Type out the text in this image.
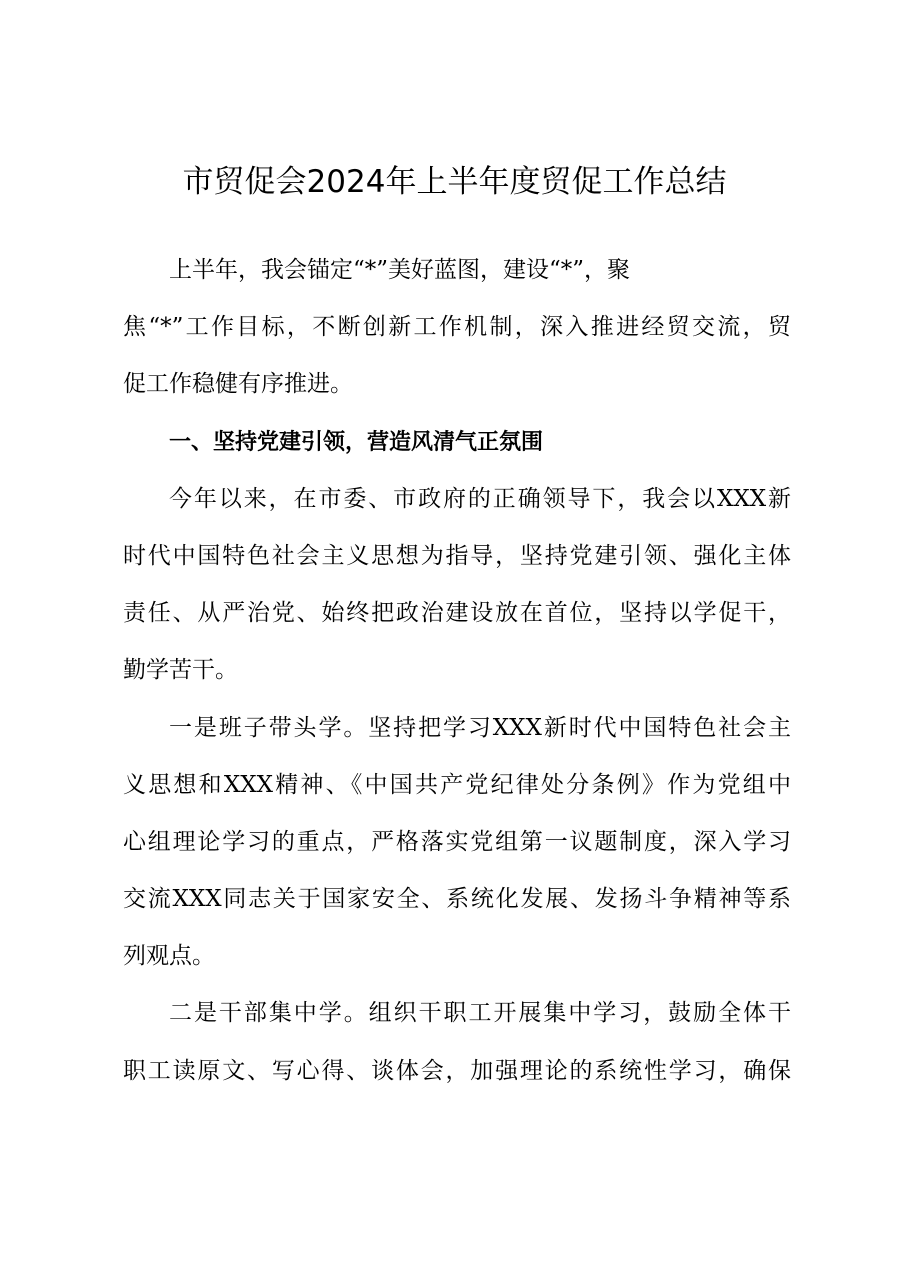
市贸促会2024年上半年度贸促工作总结
上半年，我会锚定“*”美好蓝图，建设“*”，聚
焦“*”工作目标，不断创新工作机制，深入推进经贸交流，贸
促工作稳健有序推进。
一、坚持党建引领，营造风清气正氛围
今年以来，在市委、市政府的正确领导下，我会以XXX新
时代中国特色社会主义思想为指导，坚持党建引领、强化主体
责任、从严治党、始终把政治建设放在首位，坚持以学促干，
勤学苦干。
一是班子带头学。坚持把学习XXX新时代中国特色社会主
义思想和XXX精神、《中国共产党纪律处分条例》作为党组中
心组理论学习的重点，严格落实党组第一议题制度，深入学习
交流XXX同志关于国家安全、系统化发展、发扬斗争精神等系
列观点。
二是干部集中学。组织干职工开展集中学习，鼓励全体干
职工读原文、写心得、谈体会，加强理论的系统性学习，确保
